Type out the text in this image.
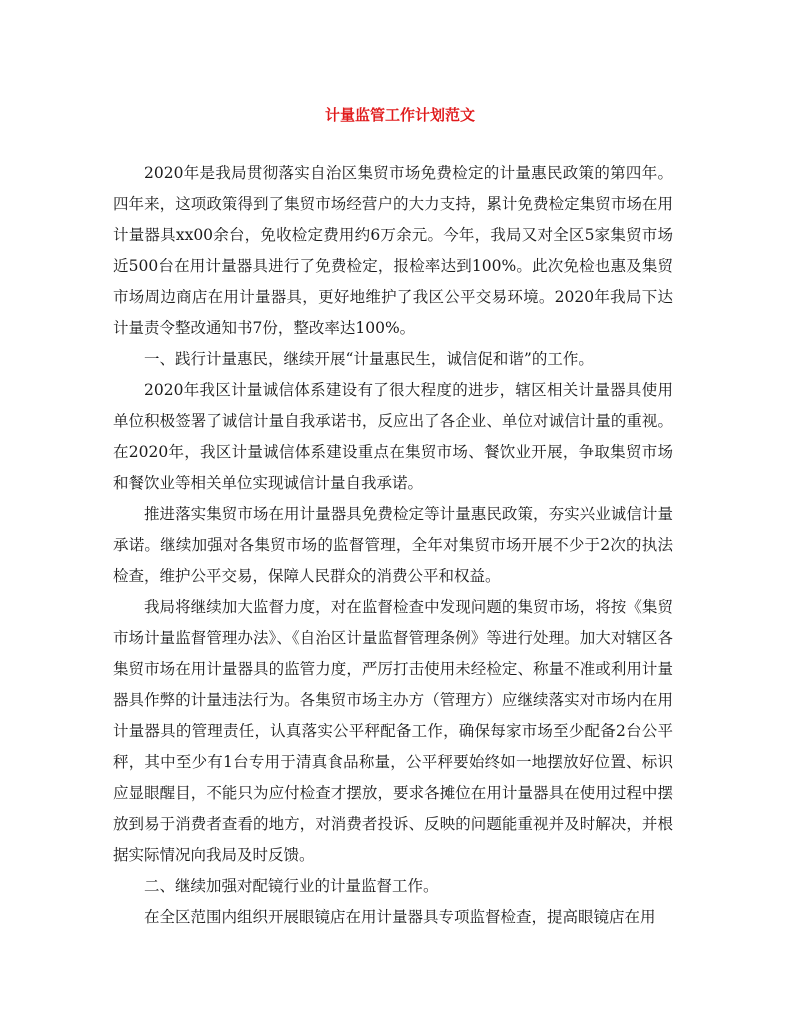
计量监管工作计划范文

2020年是我局贯彻落实自治区集贸市场免费检定的计量惠民政策的第四年。四年来，这项政策得到了集贸市场经营户的大力支持，累计免费检定集贸市场在用计量器具xx00余台，免收检定费用约6万余元。今年，我局又对全区5家集贸市场近500台在用计量器具进行了免费检定，报检率达到100%。此次免检也惠及集贸市场周边商店在用计量器具，更好地维护了我区公平交易环境。2020年我局下达计量责令整改通知书7份，整改率达100%。

一、践行计量惠民，继续开展“计量惠民生，诚信促和谐”的工作。

2020年我区计量诚信体系建设有了很大程度的进步，辖区相关计量器具使用单位积极签署了诚信计量自我承诺书，反应出了各企业、单位对诚信计量的重视。在2020年，我区计量诚信体系建设重点在集贸市场、餐饮业开展，争取集贸市场和餐饮业等相关单位实现诚信计量自我承诺。

推进落实集贸市场在用计量器具免费检定等计量惠民政策，夯实兴业诚信计量承诺。继续加强对各集贸市场的监督管理，全年对集贸市场开展不少于2次的执法检查，维护公平交易，保障人民群众的消费公平和权益。

我局将继续加大监督力度，对在监督检查中发现问题的集贸市场，将按《集贸市场计量监督管理办法》、《自治区计量监督管理条例》等进行处理。加大对辖区各集贸市场在用计量器具的监管力度，严厉打击使用未经检定、称量不准或利用计量器具作弊的计量违法行为。各集贸市场主办方（管理方）应继续落实对市场内在用计量器具的管理责任，认真落实公平秤配备工作，确保每家市场至少配备2台公平秤，其中至少有1台专用于清真食品称量，公平秤要始终如一地摆放好位置、标识应显眼醒目，不能只为应付检查才摆放，要求各摊位在用计量器具在使用过程中摆放到易于消费者查看的地方，对消费者投诉、反映的问题能重视并及时解决，并根据实际情况向我局及时反馈。

二、继续加强对配镜行业的计量监督工作。

在全区范围内组织开展眼镜店在用计量器具专项监督检查，提高眼镜店在用
